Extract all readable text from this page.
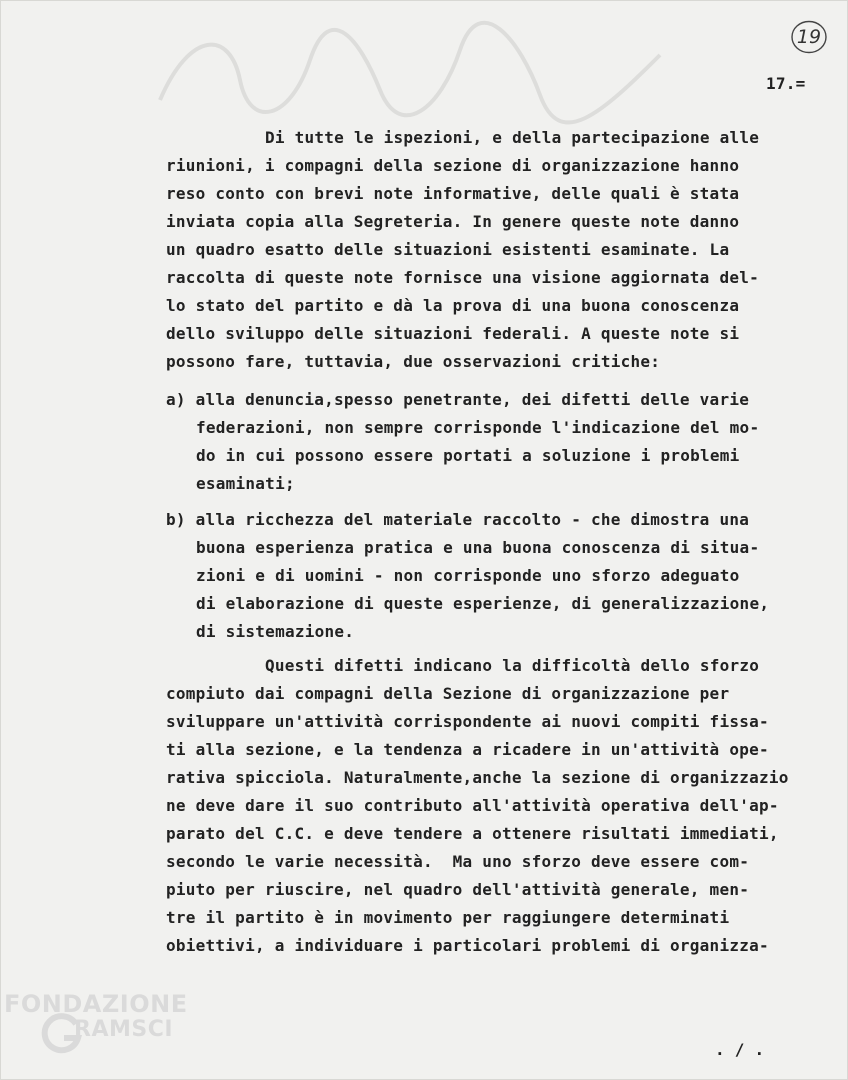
19
17.=
Di tutte le ispezioni, e della partecipazione alle
riunioni, i compagni della sezione di organizzazione hanno
reso conto con brevi note informative, delle quali è stata
inviata copia alla Segreteria. In genere queste note danno
un quadro esatto delle situazioni esistenti esaminate. La
raccolta di queste note fornisce una visione aggiornata del-
lo stato del partito e dà la prova di una buona conoscenza
dello sviluppo delle situazioni federali. A queste note si
possono fare, tuttavia, due osservazioni critiche:
a) alla denuncia,spesso penetrante, dei difetti delle varie
federazioni, non sempre corrisponde l'indicazione del mo-
do in cui possono essere portati a soluzione i problemi
esaminati;
b) alla ricchezza del materiale raccolto - che dimostra una
buona esperienza pratica e una buona conoscenza di situa-
zioni e di uomini - non corrisponde uno sforzo adeguato
di elaborazione di queste esperienze, di generalizzazione,
di sistemazione.
Questi difetti indicano la difficoltà dello sforzo
compiuto dai compagni della Sezione di organizzazione per
sviluppare un'attività corrispondente ai nuovi compiti fissa-
ti alla sezione, e la tendenza a ricadere in un'attività ope-
rativa spicciola. Naturalmente,anche la sezione di organizzazio
ne deve dare il suo contributo all'attività operativa dell'ap-
parato del C.C. e deve tendere a ottenere risultati immediati,
secondo le varie necessità.  Ma uno sforzo deve essere com-
piuto per riuscire, nel quadro dell'attività generale, men-
tre il partito è in movimento per raggiungere determinati
obiettivi, a individuare i particolari problemi di organizza-
. / .
FONDAZIONE
RAMSCI
